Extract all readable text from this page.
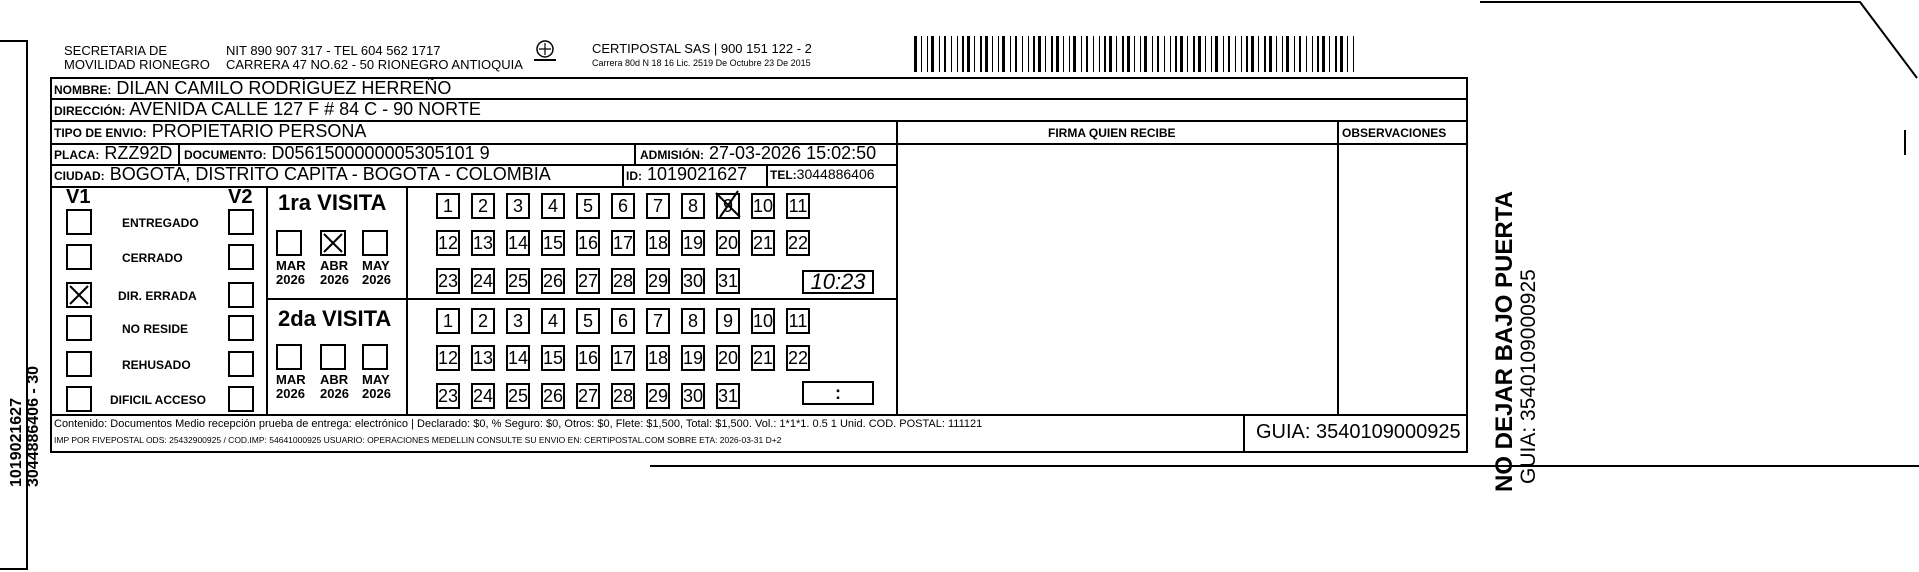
1019021627 3044886406 - 30
SECRETARIA DE
MOVILIDAD RIONEGRO
NIT 890 907 317 - TEL 604 562 1717
CARRERA 47 NO.62 - 50 RIONEGRO ANTIOQUIA
CERTIPOSTAL SAS | 900 151 122 - 2
Carrera 80d N 18 16 Lic. 2519 De Octubre 23 De 2015
NOMBRE: DILAN CAMILO RODRÍGUEZ HERREÑO
DIRECCIÓN: AVENIDA CALLE 127 F # 84 C - 90 NORTE
TIPO DE ENVIO: PROPIETARIO PERSONA	FIRMA QUIEN RECIBE	OBSERVACIONES
PLACA: RZZ92D DOCUMENTO: D0561500000005305101 9	ADMISIÓN: 27-03-2026 15:02:50
CIUDAD: BOGOTA, DISTRITO CAPITA - BOGOTÁ - COLOMBIA	ID: 1019021627 TEL:3044886406
V1	V2
ENTREGADO
CERRADO
DIR. ERRADA
NO RESIDE
REHUSADO
DIFICIL ACCESO
1ra VISITA
2da VISITA
MAR
2026
ABR
2026
MAY
2026
MAR
2026
ABR
2026
MAY
2026
1	2	3	4	5	6	7	8	9	10 11
12 13 14 15 16 17 18 19 20 21 22
23 24 25 26 27 28 29 30 31
1	2	3	4	5	6	7	8	9	10 11
12 13 14 15 16 17 18 19 20 21 22
23 24 25 26 27 28 29 30 31
10:23
:
Contenido: Documentos Medio recepción prueba de entrega: electrónico | Declarado: $0, % Seguro: $0, Otros: $0, Flete: $1,500, Total: $1,500. Vol.: 1*1*1. 0.5 1 Unid. COD. POSTAL: 111121
IMP POR FIVEPOSTAL ODS: 25432900925 / COD.IMP: 54641000925 USUARIO: OPERACIONES MEDELLIN CONSULTE SU ENVIO EN: CERTIPOSTAL.COM SOBRE ETA: 2026-03-31 D+2	GUIA: 3540109000925 NO DEJAR BAJO PUERTA GUIA: 3540109000925
